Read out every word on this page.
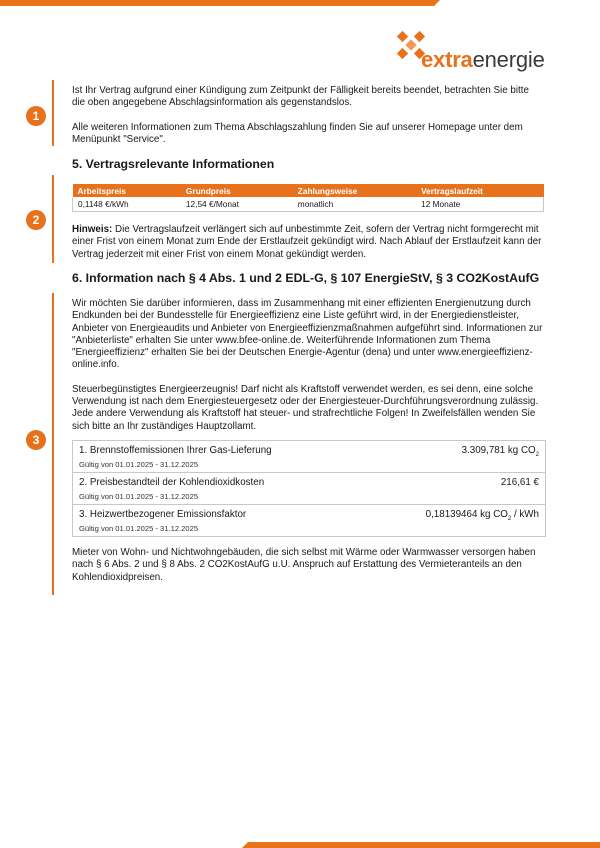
extraenergie
1
2
3

Ist Ihr Vertrag aufgrund einer Kündigung zum Zeitpunkt der Fälligkeit bereits beendet, betrachten Sie bitte die oben angegebene Abschlagsinformation als gegenstandslos.

Alle weiteren Informationen zum Thema Abschlagszahlung finden Sie auf unserer Homepage unter dem Menüpunkt "Service".

5. Vertragsrelevante Informationen
Arbeitspreis	Grundpreis	Zahlungsweise	Vertragslaufzeit
0,1148 €/kWh	12,54 €/Monat	monatlich	12 Monate

Hinweis: Die Vertragslaufzeit verlängert sich auf unbestimmte Zeit, sofern der Vertrag nicht formgerecht mit einer Frist von einem Monat zum Ende der Erstlaufzeit gekündigt wird. Nach Ablauf der Erstlaufzeit kann der Vertrag jederzeit mit einer Frist von einem Monat gekündigt werden.

6. Information nach § 4 Abs. 1 und 2 EDL-G, § 107 EnergieStV, § 3 CO2KostAufG

Wir möchten Sie darüber informieren, dass im Zusammenhang mit einer effizienten Energienutzung durch Endkunden bei der Bundesstelle für Energieeffizienz eine Liste geführt wird, in der Energiedienstleister, Anbieter von Energieaudits und Anbieter von Energieeffizienzmaßnahmen aufgeführt sind. Informationen zur "Anbieterliste" erhalten Sie unter www.bfee-online.de. Weiterführende Informationen zum Thema "Energieeffizienz" erhalten Sie bei der Deutschen Energie-Agentur (dena) und unter www.energieeffizienz-online.info.

Steuerbegünstigtes Energieerzeugnis! Darf nicht als Kraftstoff verwendet werden, es sei denn, eine solche Verwendung ist nach dem Energiesteuergesetz oder der Energiesteuer-Durchführungsverordnung zulässig. Jede andere Verwendung als Kraftstoff hat steuer- und strafrechtliche Folgen! In Zweifelsfällen wenden Sie sich bitte an Ihr zuständiges Hauptzollamt.

1. Brennstoffemissionen Ihrer Gas-Lieferung	3.309,781 kg $CO_2$
Gültig von 01.01.2025 - 31.12.2025
2. Preisbestandteil der Kohlendioxidkosten	216,61 €
Gültig von 01.01.2025 - 31.12.2025
3. Heizwertbezogener Emissionsfaktor	0,18139464 kg $CO_2$ / kWh
Gültig von 01.01.2025 - 31.12.2025

Mieter von Wohn- und Nichtwohngebäuden, die sich selbst mit Wärme oder Warmwasser versorgen haben nach § 6 Abs. 2 und § 8 Abs. 2 CO2KostAufG u.U. Anspruch auf Erstattung des Vermieteranteils an den Kohlendioxidpreisen.
